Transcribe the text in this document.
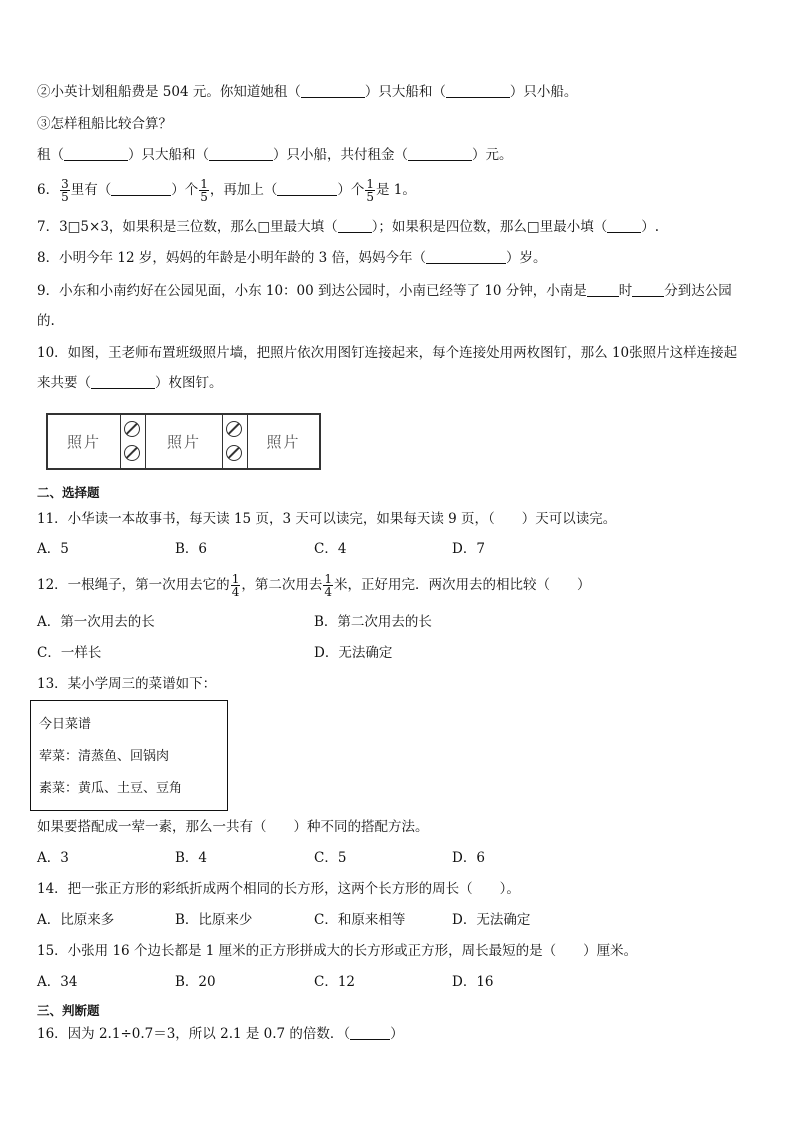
②小英计划租船费是 504 元。你知道她租（	）只大船和（	）只小船。
③怎样租船比较合算？
租（	）只大船和（	）只小船，共付租金（	）元。
6． $\frac{3}{5}$ 里有（	）个 $\frac{1}{5}$ ，再加上（	）个 $\frac{1}{5}$ 是 1。
7．3□5×3，如果积是三位数，那么□里最大填（	）；如果积是四位数，那么□里最小填（	）.
8．小明今年 12 岁，妈妈的年龄是小明年龄的 3 倍，妈妈今年（	）岁。
9．小东和小南约好在公园见面，小东 10：00 到达公园时，小南已经等了 10 分钟，小南是 时 分到达公园
的.
10．如图，王老师布置班级照片墙，把照片依次用图钉连接起来，每个连接处用两枚图钉，那么 10张照片这样连接起
来共要（	）枚图钉。
照片	照片	照片
二、选择题
11．小华读一本故事书，每天读 15 页，3 天可以读完，如果每天读 9 页，（　　）天可以读完。
A．5	B．6	C．4	D．7
12．一根绳子，第一次用去它的 $\frac{1}{4}$ ，第二次用去 $\frac{1}{4}$ 米，正好用完．两次用去的相比较（　　）
A．第一次用去的长	B．第二次用去的长
C．一样长	D．无法确定
13．某小学周三的菜谱如下：
今日菜谱
荤菜：清蒸鱼、回锅肉
素菜：黄瓜、土豆、豆角
如果要搭配成一荤一素，那么一共有（　　）种不同的搭配方法。
A．3	B．4	C．5	D．6
14．把一张正方形的彩纸折成两个相同的长方形，这两个长方形的周长（　　）。
A．比原来多	B．比原来少	C．和原来相等	D．无法确定
15．小张用 16 个边长都是 1 厘米的正方形拼成大的长方形或正方形，周长最短的是（　　）厘米。
A．34	B．20	C．12	D．16
三、判断题
16．因为 2.1÷0.7＝3，所以 2.1 是 0.7 的倍数．（	）
